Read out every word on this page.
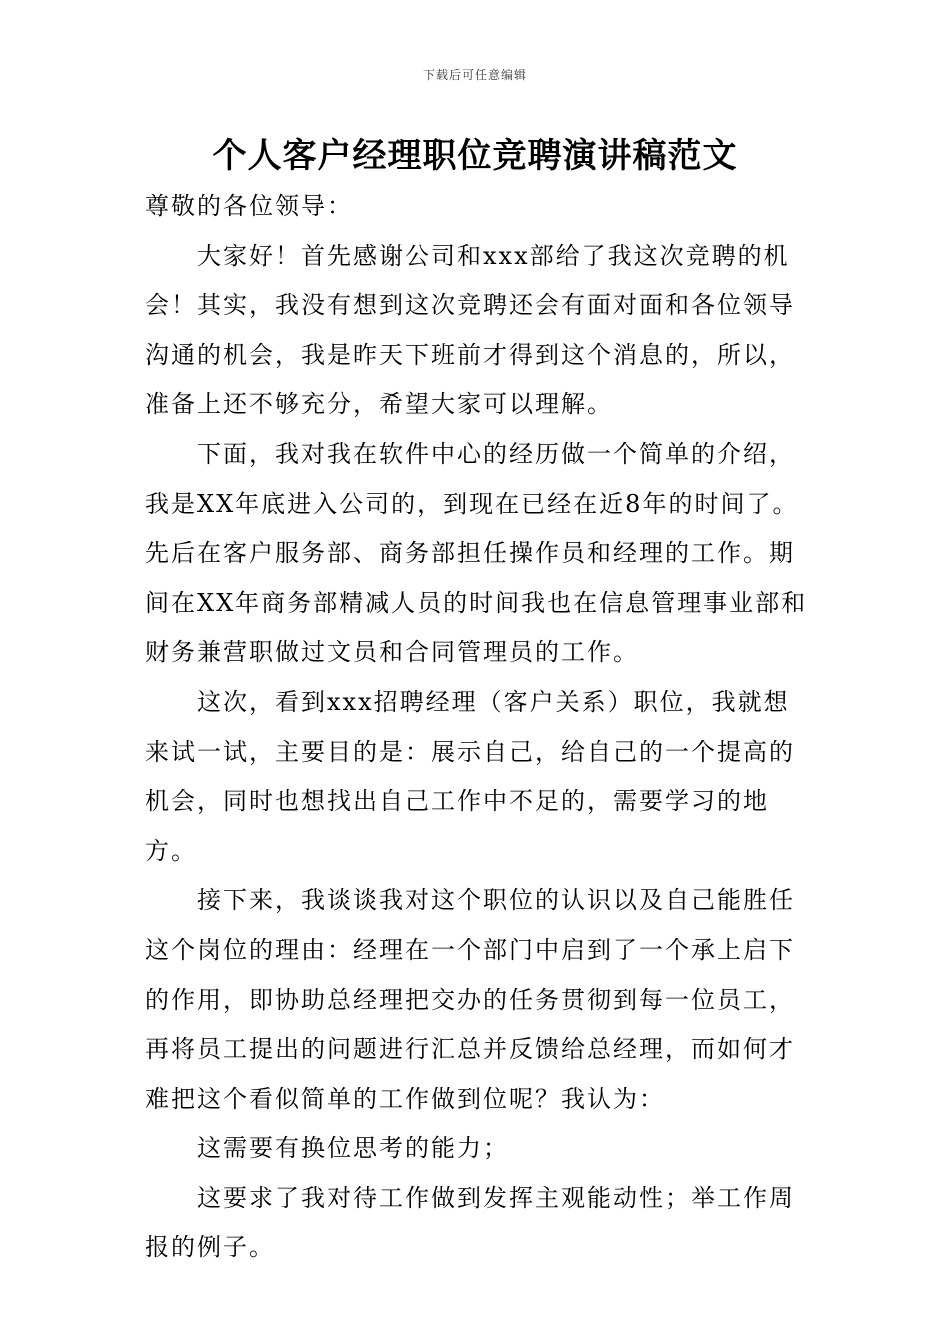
下载后可任意编辑
个人客户经理职位竞聘演讲稿范文

尊敬的各位领导：

大家好！首先感谢公司和xxx部给了我这次竞聘的机会！其实，我没有想到这次竞聘还会有面对面和各位领导沟通的机会，我是昨天下班前才得到这个消息的，所以，准备上还不够充分，希望大家可以理解。

下面，我对我在软件中心的经历做一个简单的介绍，我是XX年底进入公司的，到现在已经在近8年的时间了。先后在客户服务部、商务部担任操作员和经理的工作。期间在XX年商务部精减人员的时间我也在信息管理事业部和财务兼营职做过文员和合同管理员的工作。

这次，看到xxx招聘经理（客户关系）职位，我就想来试一试，主要目的是：展示自己，给自己的一个提高的机会，同时也想找出自己工作中不足的，需要学习的地方。

接下来，我谈谈我对这个职位的认识以及自己能胜任这个岗位的理由：经理在一个部门中启到了一个承上启下的作用，即协助总经理把交办的任务贯彻到每一位员工，再将员工提出的问题进行汇总并反馈给总经理，而如何才难把这个看似简单的工作做到位呢？我认为：

这需要有换位思考的能力；

这要求了我对待工作做到发挥主观能动性；举工作周报的例子。
